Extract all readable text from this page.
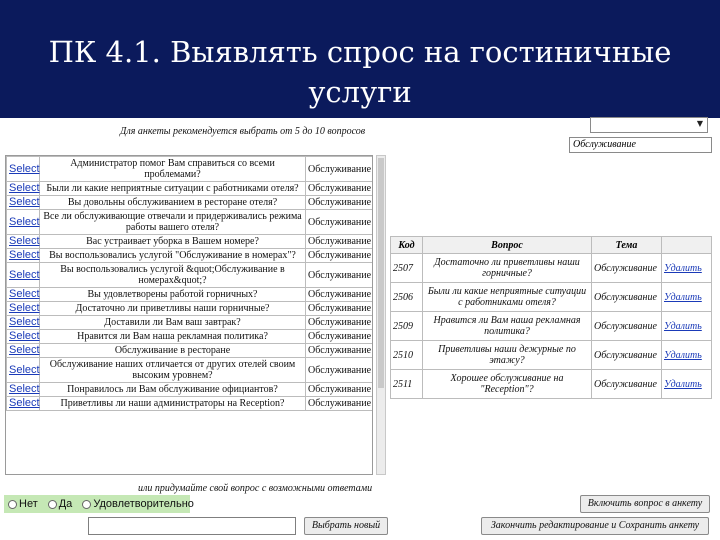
ПК 4.1. Выявлять спрос на гостиничные
услуги
Для анкеты рекомендуется выбрать от 5 до 10 вопросов
Select	Администратор помог Вам справиться со всеми проблемами?	Обслуживание
Select	Были ли какие неприятные ситуации с работниками отеля?	Обслуживание
Select	Вы довольны обслуживанием в ресторане отеля?	Обслуживание
Select	Все ли обслуживающие отвечали и придерживались режима работы вашего отеля?	Обслуживание
Select	Вас устраивает уборка в Вашем номере?	Обслуживание
Select	Вы воспользовались услугой "Обслуживание в номерах"?	Обслуживание
Select	Вы воспользовались услугой &quot;Обслуживание в номерах&quot;?	Обслуживание
Select	Вы удовлетворены работой горничных?	Обслуживание
Select	Достаточно ли приветливы наши горничные?	Обслуживание
Select	Доставили ли Вам ваш завтрак?	Обслуживание
Select	Нравится ли Вам наша рекламная политика?	Обслуживание
Select	Обслуживание в ресторане	Обслуживание
Select	Обслуживание наших отличается от других отелей своим высоким уровнем?	Обслуживание
Select	Понравилось ли Вам обслуживание официантов?	Обслуживание
Select	Приветливы ли наши администраторы на Reception?	Обслуживание
или придумайте свой вопрос с возможными ответами
Нет Да Удовлетворительно
Выбрать новый
Включить вопрос в анкету
Закончить редактирование и Сохранить анкету
▼
Обслуживание
Код	Вопрос	Тема	
2507	Достаточно ли приветливы наши горничные?	Обслуживание	Удалить
2506	Были ли какие неприятные ситуации с работниками отеля?	Обслуживание	Удалить
2509	Нравится ли Вам наша рекламная политика?	Обслуживание	Удалить
2510	Приветливы наши дежурные по этажу?	Обслуживание	Удалить
2511	Хорошее обслуживание на "Reception"?	Обслуживание	Удалить
